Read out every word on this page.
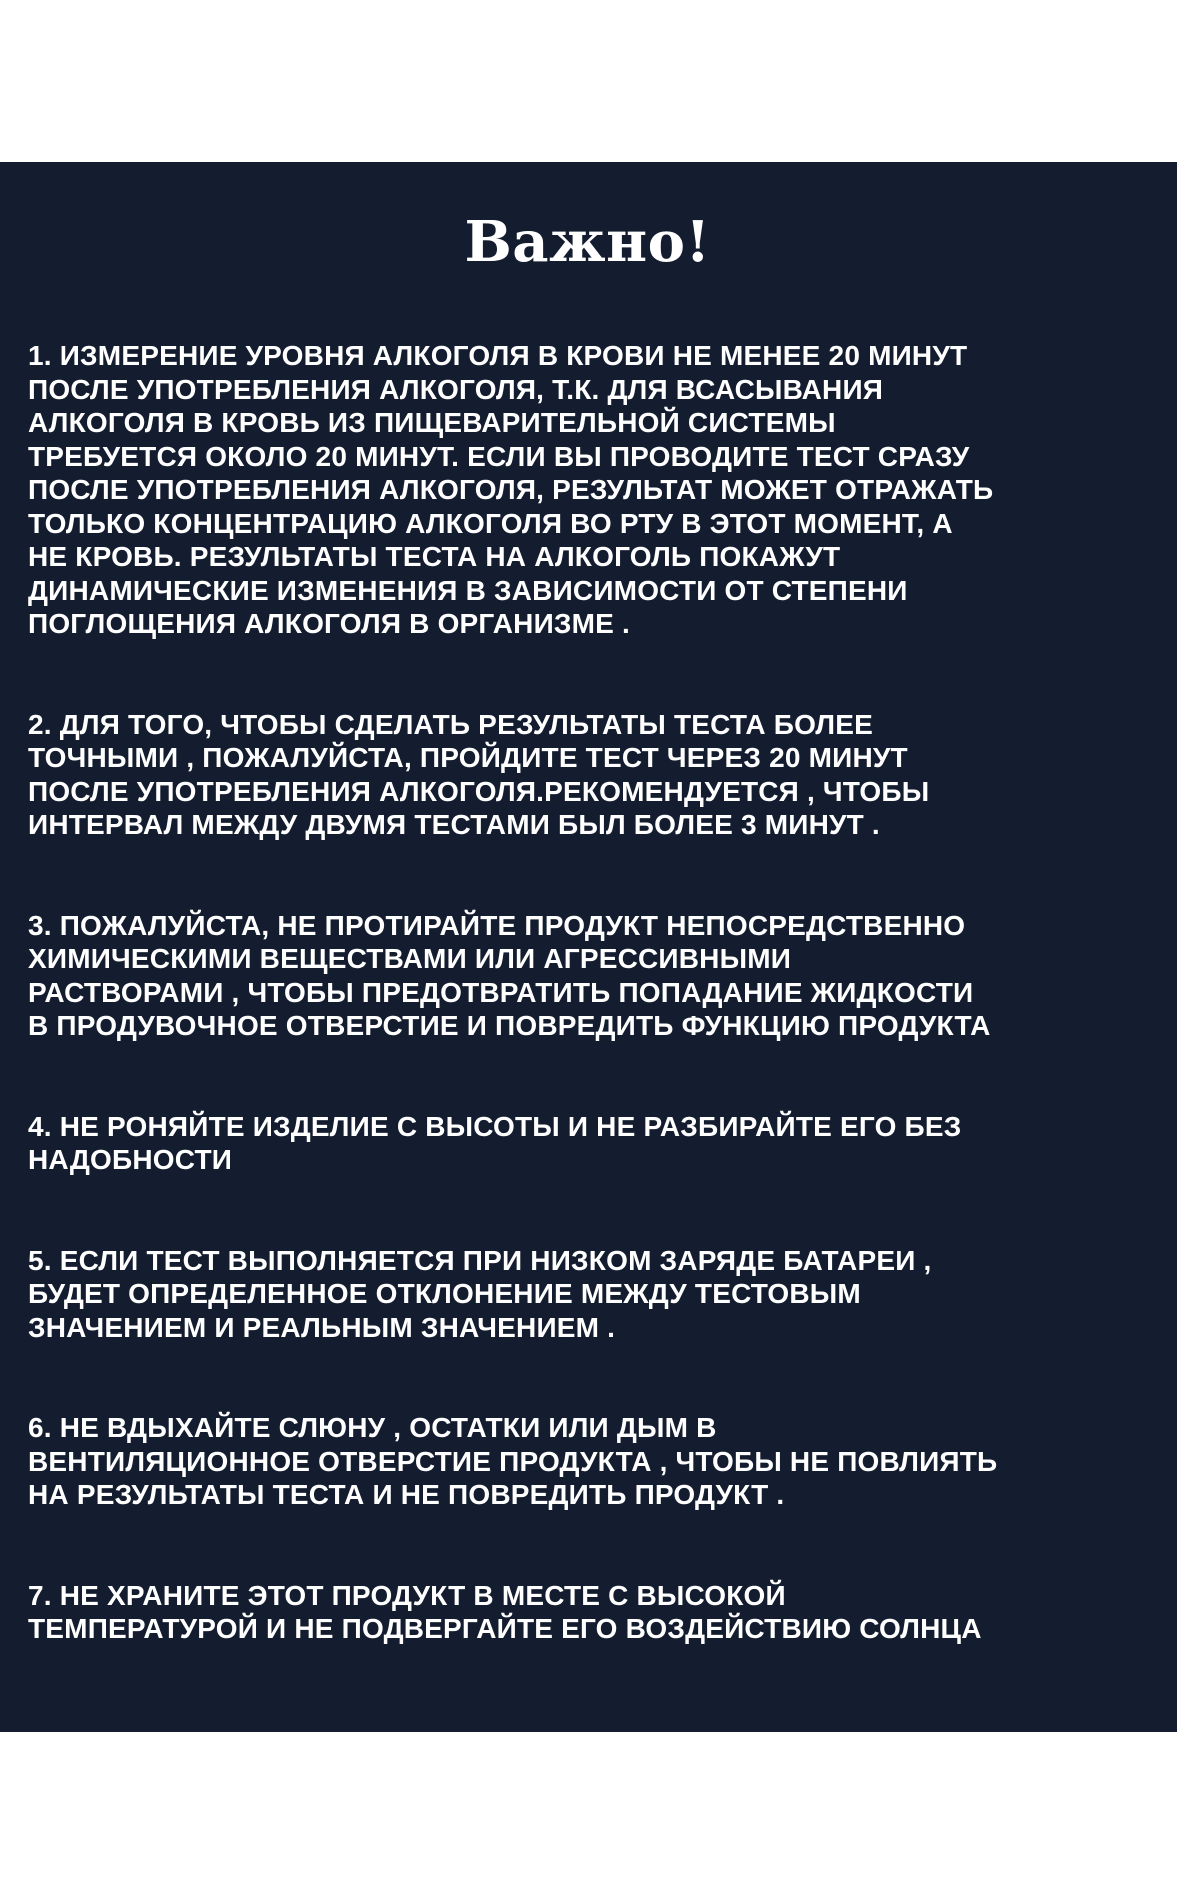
Важно!
1. ИЗМЕРЕНИЕ УРОВНЯ АЛКОГОЛЯ В КРОВИ НЕ МЕНЕЕ 20 МИНУТ
ПОСЛЕ УПОТРЕБЛЕНИЯ АЛКОГОЛЯ, Т.К. ДЛЯ ВСАСЫВАНИЯ
АЛКОГОЛЯ В КРОВЬ ИЗ ПИЩЕВАРИТЕЛЬНОЙ СИСТЕМЫ
ТРЕБУЕТСЯ ОКОЛО 20 МИНУТ. ЕСЛИ ВЫ ПРОВОДИТЕ ТЕСТ СРАЗУ
ПОСЛЕ УПОТРЕБЛЕНИЯ АЛКОГОЛЯ, РЕЗУЛЬТАТ МОЖЕТ ОТРАЖАТЬ
ТОЛЬКО КОНЦЕНТРАЦИЮ АЛКОГОЛЯ ВО РТУ В ЭТОТ МОМЕНТ, А
НЕ КРОВЬ. РЕЗУЛЬТАТЫ ТЕСТА НА АЛКОГОЛЬ ПОКАЖУТ
ДИНАМИЧЕСКИЕ ИЗМЕНЕНИЯ В ЗАВИСИМОСТИ ОТ СТЕПЕНИ
ПОГЛОЩЕНИЯ АЛКОГОЛЯ В ОРГАНИЗМЕ .
2. ДЛЯ ТОГО, ЧТОБЫ СДЕЛАТЬ РЕЗУЛЬТАТЫ ТЕСТА БОЛЕЕ
ТОЧНЫМИ , ПОЖАЛУЙСТА, ПРОЙДИТЕ ТЕСТ ЧЕРЕЗ 20 МИНУТ
ПОСЛЕ УПОТРЕБЛЕНИЯ АЛКОГОЛЯ.РЕКОМЕНДУЕТСЯ , ЧТОБЫ
ИНТЕРВАЛ МЕЖДУ ДВУМЯ ТЕСТАМИ БЫЛ БОЛЕЕ 3 МИНУТ .
3. ПОЖАЛУЙСТА, НЕ ПРОТИРАЙТЕ ПРОДУКТ НЕПОСРЕДСТВЕННО
ХИМИЧЕСКИМИ ВЕЩЕСТВАМИ ИЛИ АГРЕССИВНЫМИ
РАСТВОРАМИ , ЧТОБЫ ПРЕДОТВРАТИТЬ ПОПАДАНИЕ ЖИДКОСТИ
В ПРОДУВОЧНОЕ ОТВЕРСТИЕ И ПОВРЕДИТЬ ФУНКЦИЮ ПРОДУКТА
4. НЕ РОНЯЙТЕ ИЗДЕЛИЕ С ВЫСОТЫ И НЕ РАЗБИРАЙТЕ ЕГО БЕЗ
НАДОБНОСТИ
5. ЕСЛИ ТЕСТ ВЫПОЛНЯЕТСЯ ПРИ НИЗКОМ ЗАРЯДЕ БАТАРЕИ ,
БУДЕТ ОПРЕДЕЛЕННОЕ ОТКЛОНЕНИЕ МЕЖДУ ТЕСТОВЫМ
ЗНАЧЕНИЕМ И РЕАЛЬНЫМ ЗНАЧЕНИЕМ .
6. НЕ ВДЫХАЙТЕ СЛЮНУ , ОСТАТКИ ИЛИ ДЫМ В
ВЕНТИЛЯЦИОННОЕ ОТВЕРСТИЕ ПРОДУКТА , ЧТОБЫ НЕ ПОВЛИЯТЬ
НА РЕЗУЛЬТАТЫ ТЕСТА И НЕ ПОВРЕДИТЬ ПРОДУКТ .
7. НЕ ХРАНИТЕ ЭТОТ ПРОДУКТ В МЕСТЕ С ВЫСОКОЙ
ТЕМПЕРАТУРОЙ И НЕ ПОДВЕРГАЙТЕ ЕГО ВОЗДЕЙСТВИЮ СОЛНЦА
